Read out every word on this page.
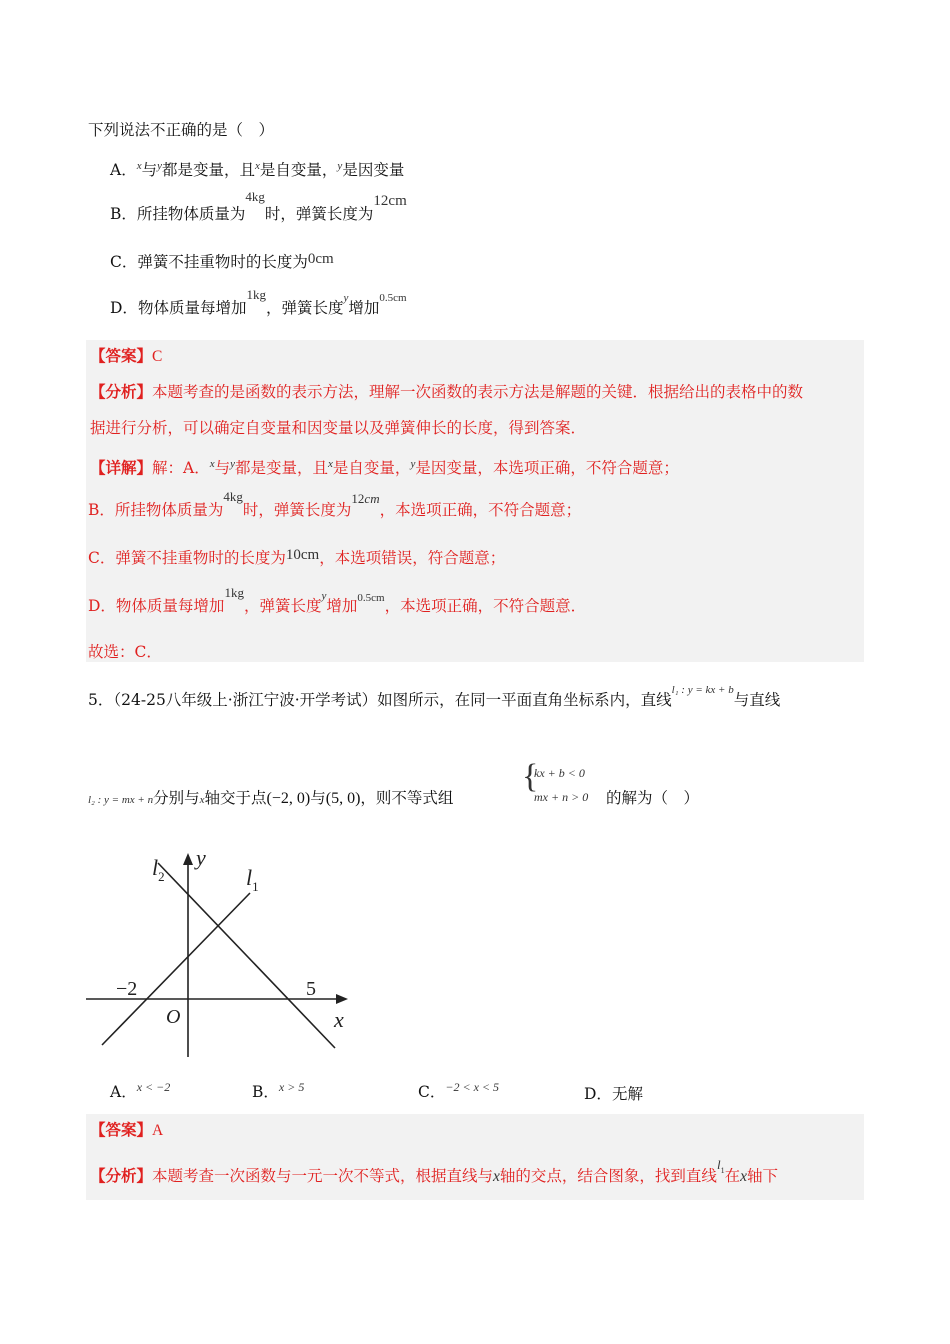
下列说法不正确的是（　）
A．$^x$与$^y$都是变量，且$^x$是自变量，$^y$是因变量
B．所挂物体质量为$^{4kg}$时，弹簧长度为12cm
C．弹簧不挂重物时的长度为0cm
D．物体质量每增加$^{1kg}$，弹簧长度$^y$增加$^{0.5cm}$
【答案】C
【分析】本题考查的是函数的表示方法，理解一次函数的表示方法是解题的关键．根据给出的表格中的数
据进行分析，可以确定自变量和因变量以及弹簧伸长的长度，得到答案．
【详解】解：A．$^x$与$^y$都是变量，且$^x$是自变量，$^y$是因变量，本选项正确，不符合题意；
B．所挂物体质量为$^{4kg}$时，弹簧长度为$^{12cm}$，本选项正确，不符合题意；
C．弹簧不挂重物时的长度为10cm，本选项错误，符合题意；
D．物体质量每增加$^{1kg}$，弹簧长度$^y$增加$^{0.5cm}$，本选项正确，不符合题意．
故选：C．
5．（24-25八年级上·浙江宁波·开学考试）如图所示，在同一平面直角坐标系内，直线$^{l_1 : y = kx + b}$与直线
l₂ : y = mx + n分别与x轴交于点(−2, 0)与(5, 0)，则不等式组
{
kx + b < 0
mx + n > 0 的解为（　）
$l_2$
y
$l_1$
−2	5
O	x
A．$^{x < -2}$	B．$^{x > 5}$	C．$^{-2 < x < 5}$	D．无解
【答案】A
【分析】本题考查一次函数与一元一次不等式，根据直线与x轴的交点，结合图象，找到直线$^{l1}$在x轴下
